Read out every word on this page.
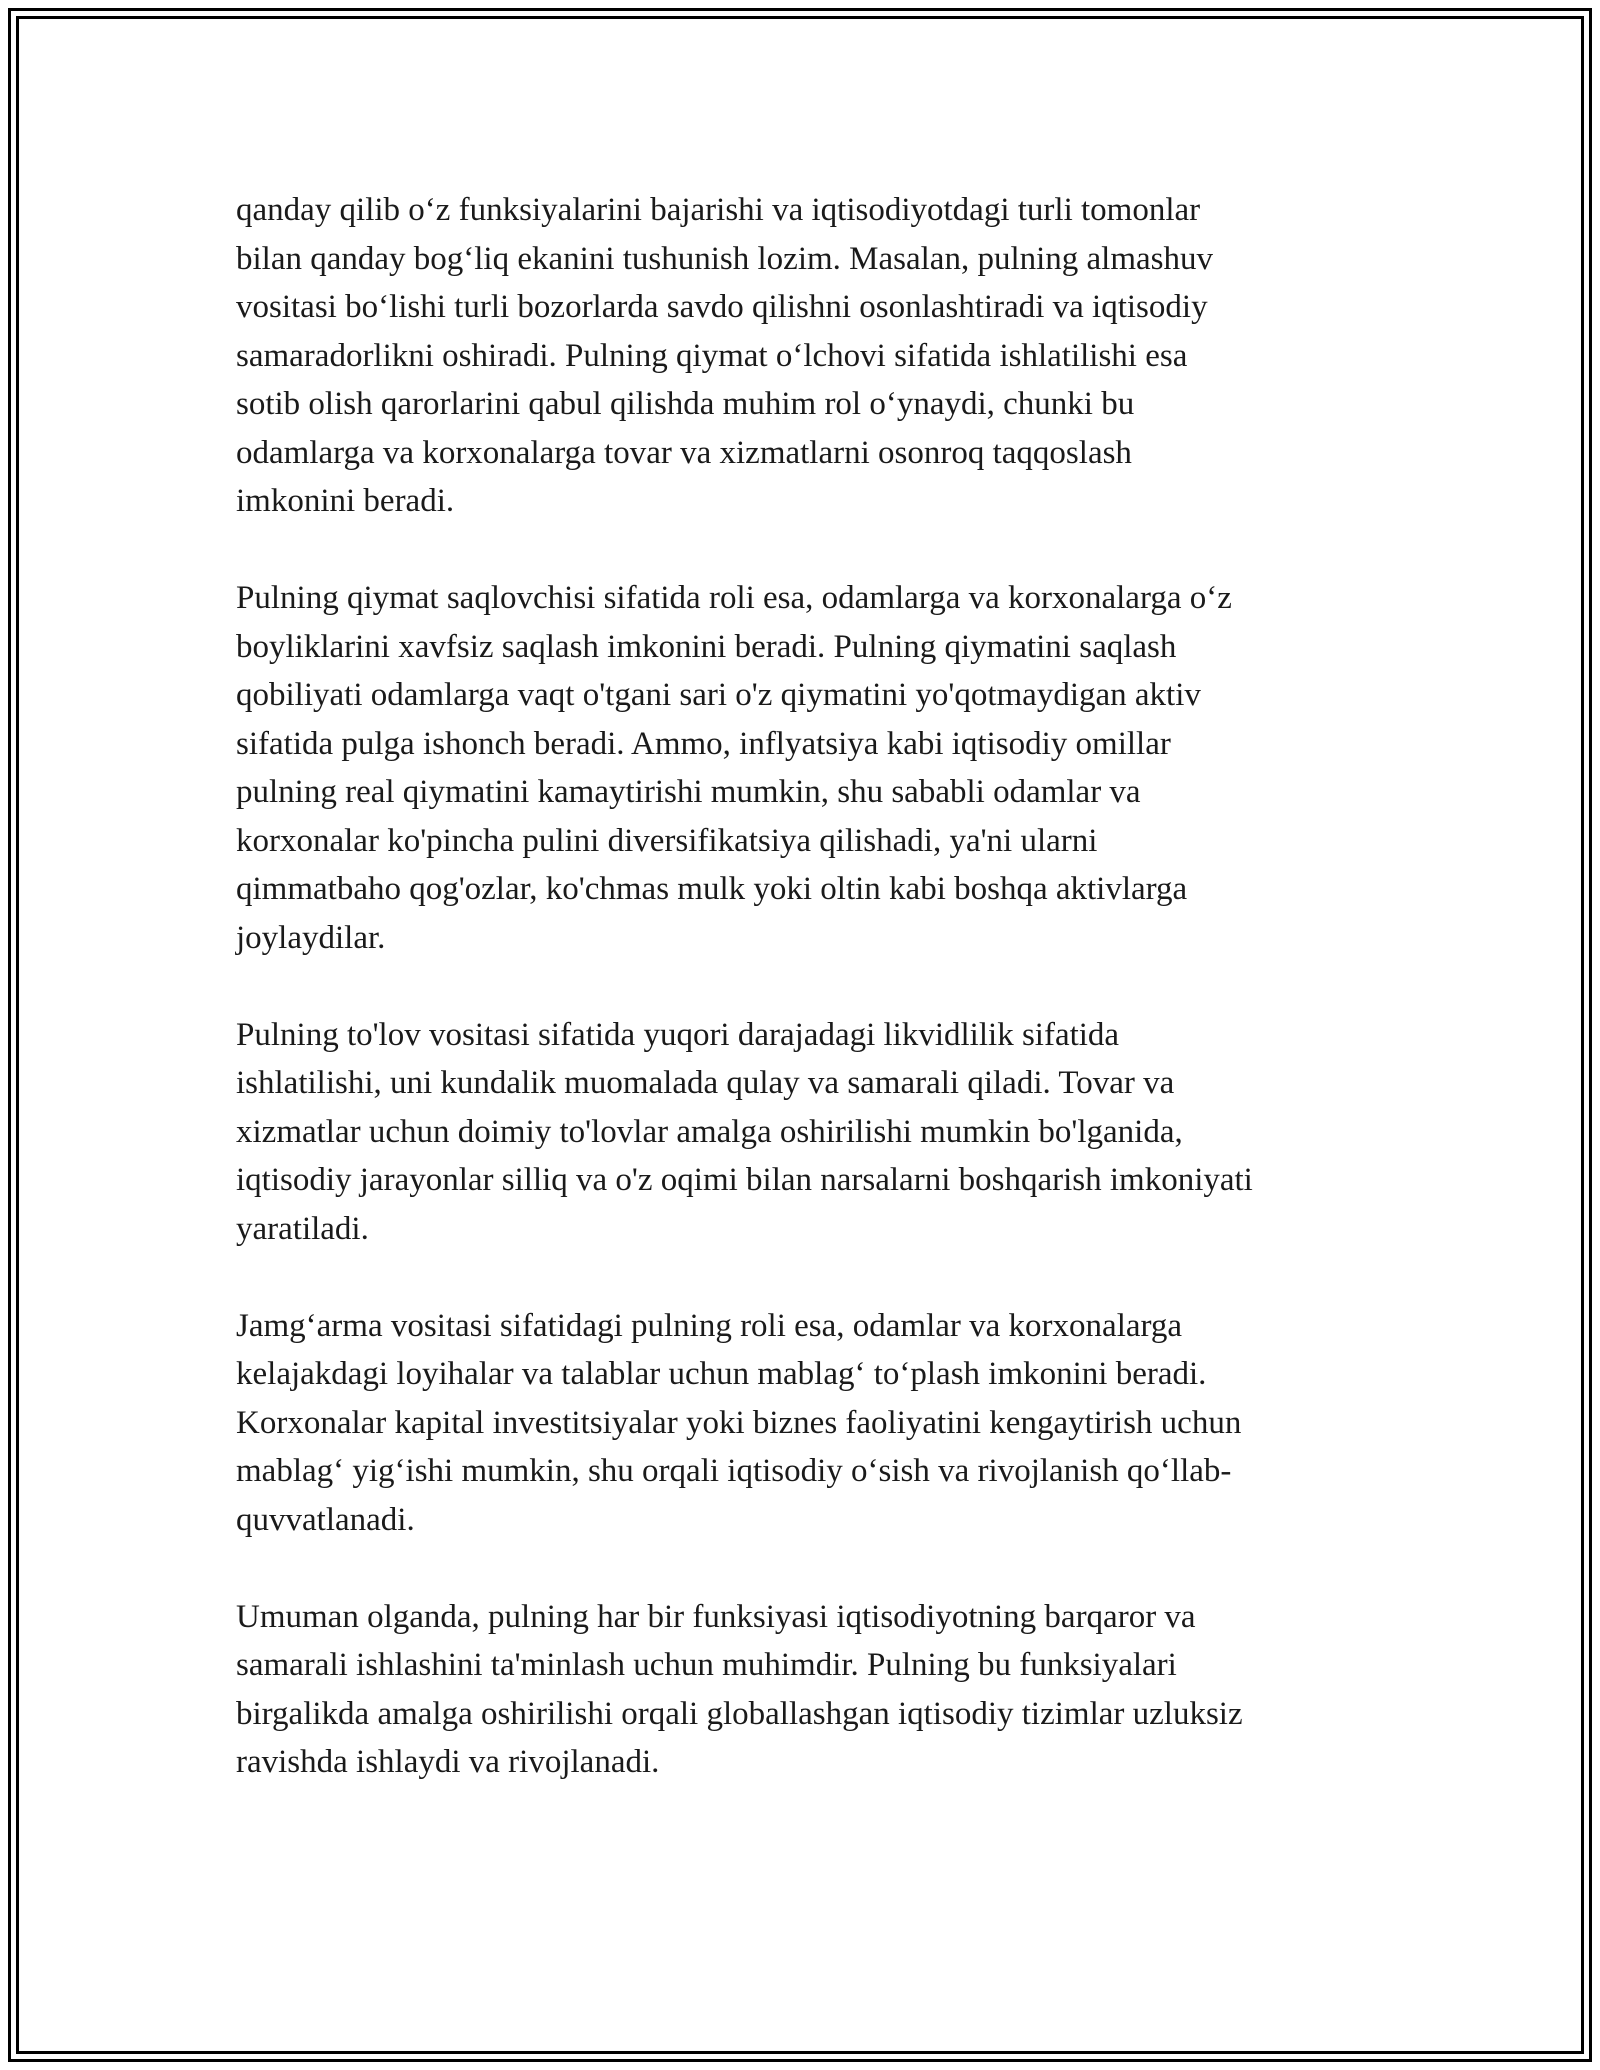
qanday qilib o‘z funksiyalarini bajarishi va iqtisodiyotdagi turli tomonlar
bilan qanday bog‘liq ekanini tushunish lozim. Masalan, pulning almashuv
vositasi bo‘lishi turli bozorlarda savdo qilishni osonlashtiradi va iqtisodiy
samaradorlikni oshiradi. Pulning qiymat o‘lchovi sifatida ishlatilishi esa
sotib olish qarorlarini qabul qilishda muhim rol o‘ynaydi, chunki bu
odamlarga va korxonalarga tovar va xizmatlarni osonroq taqqoslash
imkonini beradi.

Pulning qiymat saqlovchisi sifatida roli esa, odamlarga va korxonalarga o‘z
boyliklarini xavfsiz saqlash imkonini beradi. Pulning qiymatini saqlash
qobiliyati odamlarga vaqt o'tgani sari o'z qiymatini yo'qotmaydigan aktiv
sifatida pulga ishonch beradi. Ammo, inflyatsiya kabi iqtisodiy omillar
pulning real qiymatini kamaytirishi mumkin, shu sababli odamlar va
korxonalar ko'pincha pulini diversifikatsiya qilishadi, ya'ni ularni
qimmatbaho qog'ozlar, ko'chmas mulk yoki oltin kabi boshqa aktivlarga
joylaydilar.

Pulning to'lov vositasi sifatida yuqori darajadagi likvidlilik sifatida
ishlatilishi, uni kundalik muomalada qulay va samarali qiladi. Tovar va
xizmatlar uchun doimiy to'lovlar amalga oshirilishi mumkin bo'lganida,
iqtisodiy jarayonlar silliq va o'z oqimi bilan narsalarni boshqarish imkoniyati
yaratiladi.

Jamg‘arma vositasi sifatidagi pulning roli esa, odamlar va korxonalarga
kelajakdagi loyihalar va talablar uchun mablag‘ to‘plash imkonini beradi.
Korxonalar kapital investitsiyalar yoki biznes faoliyatini kengaytirish uchun
mablag‘ yig‘ishi mumkin, shu orqali iqtisodiy o‘sish va rivojlanish qo‘llab-
quvvatlanadi.

Umuman olganda, pulning har bir funksiyasi iqtisodiyotning barqaror va
samarali ishlashini ta'minlash uchun muhimdir. Pulning bu funksiyalari
birgalikda amalga oshirilishi orqali globallashgan iqtisodiy tizimlar uzluksiz
ravishda ishlaydi va rivojlanadi.
